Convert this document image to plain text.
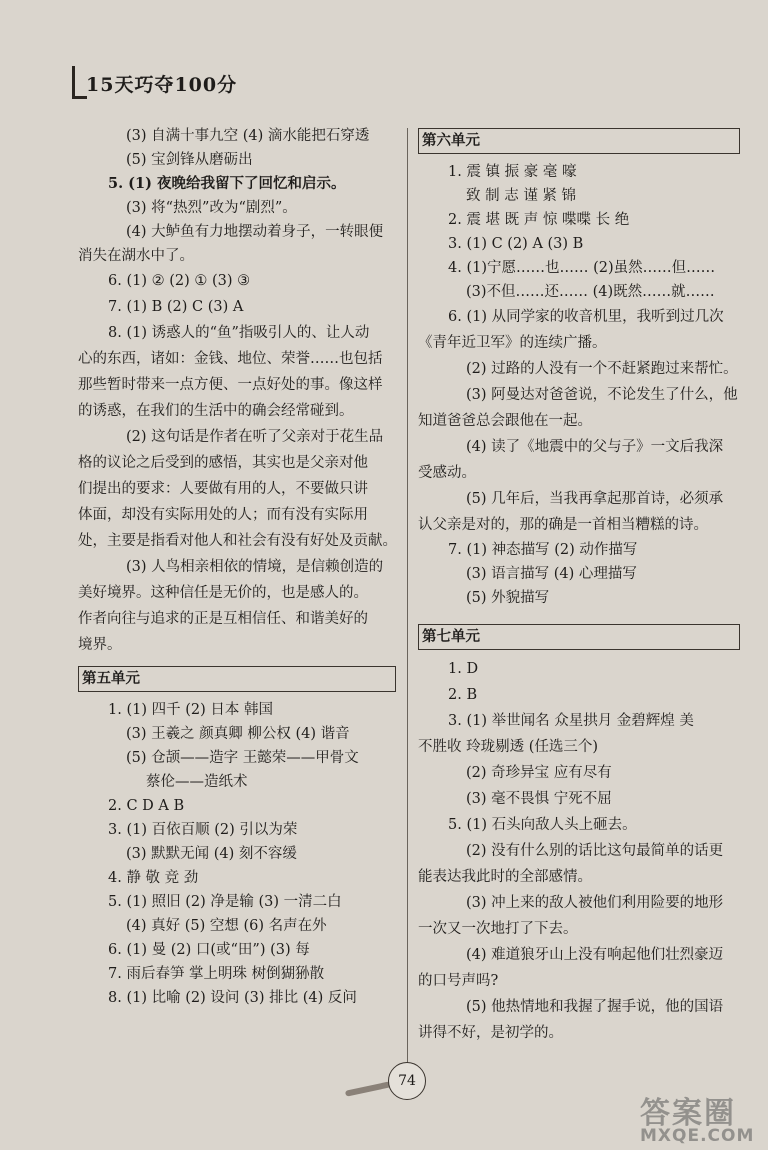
15天巧夺100分
(3) 自满十事九空 (4) 滴水能把石穿透
(5) 宝剑锋从磨砺出
5. (1) 夜晚给我留下了回忆和启示。
(3) 将“热烈”改为“剧烈”。
(4) 大鲈鱼有力地摆动着身子，一转眼便
消失在湖水中了。
6. (1) ② (2) ① (3) ③
7. (1) B (2) C (3) A
8. (1) 诱惑人的“鱼”指吸引人的、让人动
心的东西，诸如：金钱、地位、荣誉……也包括
那些暂时带来一点方便、一点好处的事。像这样
的诱惑，在我们的生活中的确会经常碰到。
(2) 这句话是作者在听了父亲对于花生品
格的议论之后受到的感悟，其实也是父亲对他
们提出的要求：人要做有用的人，不要做只讲
体面，却没有实际用处的人；而有没有实际用
处，主要是指看对他人和社会有没有好处及贡献。
(3) 人鸟相亲相依的情境，是信赖创造的
美好境界。这种信任是无价的，也是感人的。
作者向往与追求的正是互相信任、和谐美好的
境界。
第五单元
1. (1) 四千 (2) 日本 韩国
(3) 王羲之 颜真卿 柳公权 (4) 谐音
(5) 仓颉——造字 王懿荣——甲骨文
蔡伦——造纸术
2. C D A B
3. (1) 百依百顺 (2) 引以为荣
(3) 默默无闻 (4) 刻不容缓
4. 静 敬 竞 劲
5. (1) 照旧 (2) 净是输 (3) 一清二白
(4) 真好 (5) 空想 (6) 名声在外
6. (1) 曼 (2) 口(或“田”) (3) 每
7. 雨后春笋 掌上明珠 树倒猢狲散
8. (1) 比喻 (2) 设问 (3) 排比 (4) 反问
第六单元
1. 震 镇 振 豪 毫 嚎
致 制 志 谨 紧 锦
2. 震 堪 既 声 惊 喋喋 长 绝
3. (1) C (2) A (3) B
4. (1)宁愿……也…… (2)虽然……但……
(3)不但……还…… (4)既然……就……
6. (1) 从同学家的收音机里，我听到过几次
《青年近卫军》的连续广播。
(2) 过路的人没有一个不赶紧跑过来帮忙。
(3) 阿曼达对爸爸说，不论发生了什么，他
知道爸爸总会跟他在一起。
(4) 读了《地震中的父与子》一文后我深
受感动。
(5) 几年后，当我再拿起那首诗，必须承
认父亲是对的，那的确是一首相当糟糕的诗。
7. (1) 神态描写 (2) 动作描写
(3) 语言描写 (4) 心理描写
(5) 外貌描写
第七单元
1. D
2. B
3. (1) 举世闻名 众星拱月 金碧辉煌 美
不胜收 玲珑剔透 (任选三个)
(2) 奇珍异宝 应有尽有
(3) 毫不畏惧 宁死不屈
5. (1) 石头向敌人头上砸去。
(2) 没有什么别的话比这句最简单的话更
能表达我此时的全部感情。
(3) 冲上来的敌人被他们利用险要的地形
一次又一次地打了下去。
(4) 难道狼牙山上没有响起他们壮烈豪迈
的口号声吗?
(5) 他热情地和我握了握手说，他的国语
讲得不好，是初学的。
74
答案圈
MXQE.COM
